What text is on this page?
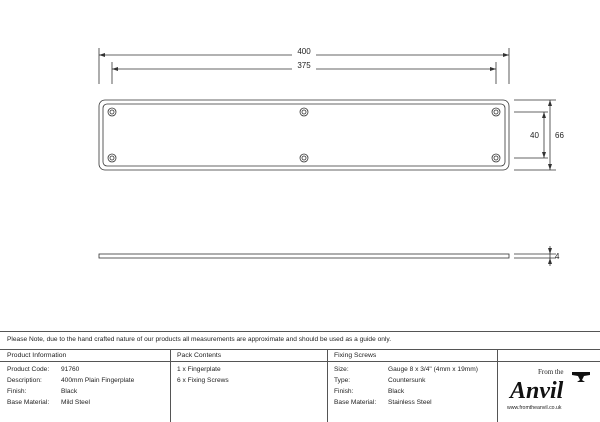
400
375
66
40
4
Please Note, due to the hand crafted nature of our products all measurements are approximate and should be used as a guide only.
Product Information
Product Code: 91760
Description:	400mm Plain Fingerplate
Finish:	Black
Base Material: Mild Steel
Pack Contents
1 x Fingerplate
6 x Fixing Screws
Fixing Screws
Size:	Gauge 8 x 3/4" (4mm x 19mm)
Type:	Countersunk
Finish:	Black
Base Material: Stainless Steel
From the
Anvil
www.fromtheanvil.co.uk
